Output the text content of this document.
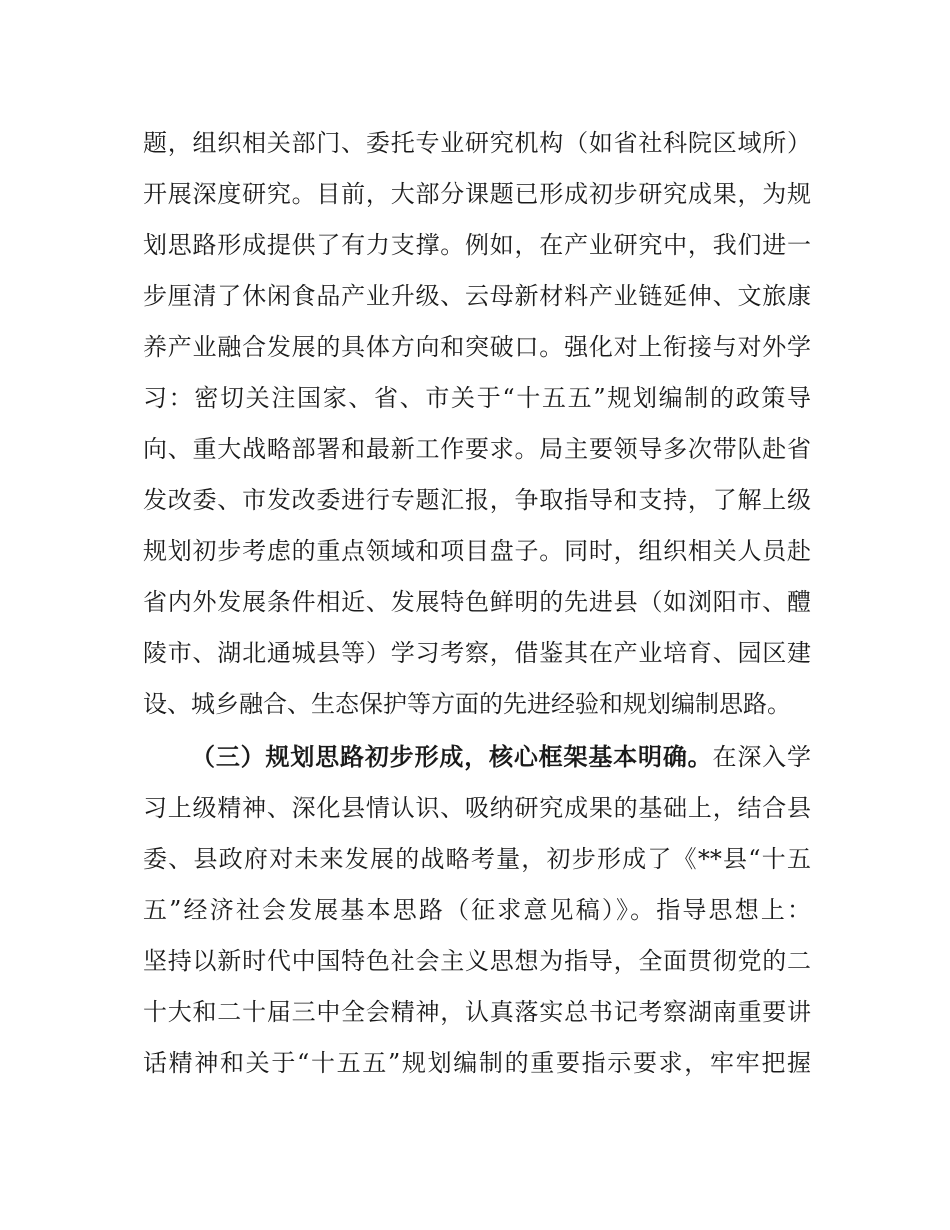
题，组织相关部门、委托专业研究机构（如省社科院区域所）
开展深度研究。目前，大部分课题已形成初步研究成果，为规
划思路形成提供了有力支撑。例如，在产业研究中，我们进一
步厘清了休闲食品产业升级、云母新材料产业链延伸、文旅康
养产业融合发展的具体方向和突破口。强化对上衔接与对外学
习：密切关注国家、省、市关于“十五五”规划编制的政策导
向、重大战略部署和最新工作要求。局主要领导多次带队赴省
发改委、市发改委进行专题汇报，争取指导和支持，了解上级
规划初步考虑的重点领域和项目盘子。同时，组织相关人员赴
省内外发展条件相近、发展特色鲜明的先进县（如浏阳市、醴
陵市、湖北通城县等）学习考察，借鉴其在产业培育、园区建
设、城乡融合、生态保护等方面的先进经验和规划编制思路。
（三）规划思路初步形成，核心框架基本明确。在深入学
习上级精神、深化县情认识、吸纳研究成果的基础上，结合县
委、县政府对未来发展的战略考量，初步形成了《**县“十五
五”经济社会发展基本思路（征求意见稿）》。指导思想上：
坚持以新时代中国特色社会主义思想为指导，全面贯彻党的二
十大和二十届三中全会精神，认真落实总书记考察湖南重要讲
话精神和关于“十五五”规划编制的重要指示要求，牢牢把握
